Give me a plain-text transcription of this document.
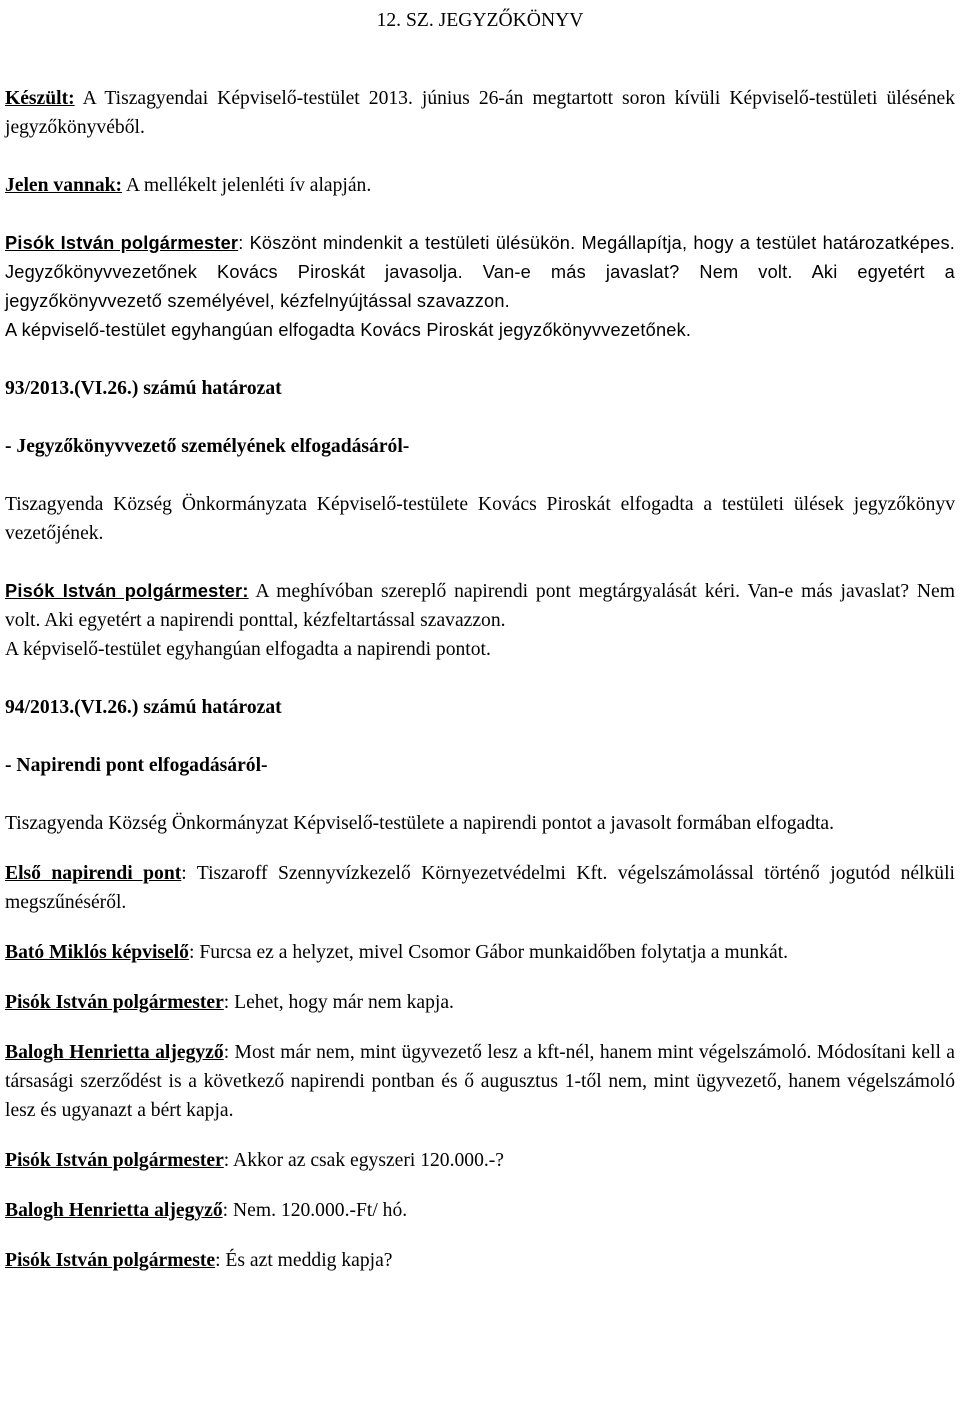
12. SZ. JEGYZŐKÖNYV

Készült: A Tiszagyendai Képviselő-testület 2013. június 26-án megtartott soron kívüli Képviselő-testületi ülésének jegyzőkönyvéből.

Jelen vannak: A mellékelt jelenléti ív alapján.

Pisók István polgármester: Köszönt mindenkit a testületi ülésükön. Megállapítja, hogy a testület határozatképes. Jegyzőkönyvvezetőnek Kovács Piroskát javasolja. Van-e más javaslat? Nem volt. Aki egyetért a jegyzőkönyvvezető személyével, kézfelnyújtással szavazzon.

A képviselő-testület egyhangúan elfogadta Kovács Piroskát jegyzőkönyvvezetőnek.

93/2013.(VI.26.) számú határozat

- Jegyzőkönyvvezető személyének elfogadásáról-

Tiszagyenda Község Önkormányzata Képviselő-testülete Kovács Piroskát elfogadta a testületi ülések jegyzőkönyv vezetőjének.

Pisók István polgármester: A meghívóban szereplő napirendi pont megtárgyalását kéri. Van-e más javaslat? Nem volt. Aki egyetért a napirendi ponttal, kézfeltartással szavazzon.

A képviselő-testület egyhangúan elfogadta a napirendi pontot.

94/2013.(VI.26.) számú határozat

- Napirendi pont elfogadásáról-

Tiszagyenda Község Önkormányzat Képviselő-testülete a napirendi pontot a javasolt formában elfogadta.

Első napirendi pont: Tiszaroff Szennyvízkezelő Környezetvédelmi Kft. végelszámolással történő jogutód nélküli megszűnéséről.

Bató Miklós képviselő: Furcsa ez a helyzet, mivel Csomor Gábor munkaidőben folytatja a munkát.

Pisók István polgármester: Lehet, hogy már nem kapja.

Balogh Henrietta aljegyző: Most már nem, mint ügyvezető lesz a kft-nél, hanem mint végelszámoló. Módosítani kell a társasági szerződést is a következő napirendi pontban és ő augusztus 1-től nem, mint ügyvezető, hanem végelszámoló lesz és ugyanazt a bért kapja.

Pisók István polgármester: Akkor az csak egyszeri 120.000.-?

Balogh Henrietta aljegyző: Nem. 120.000.-Ft/ hó.

Pisók István polgármeste: És azt meddig kapja?
